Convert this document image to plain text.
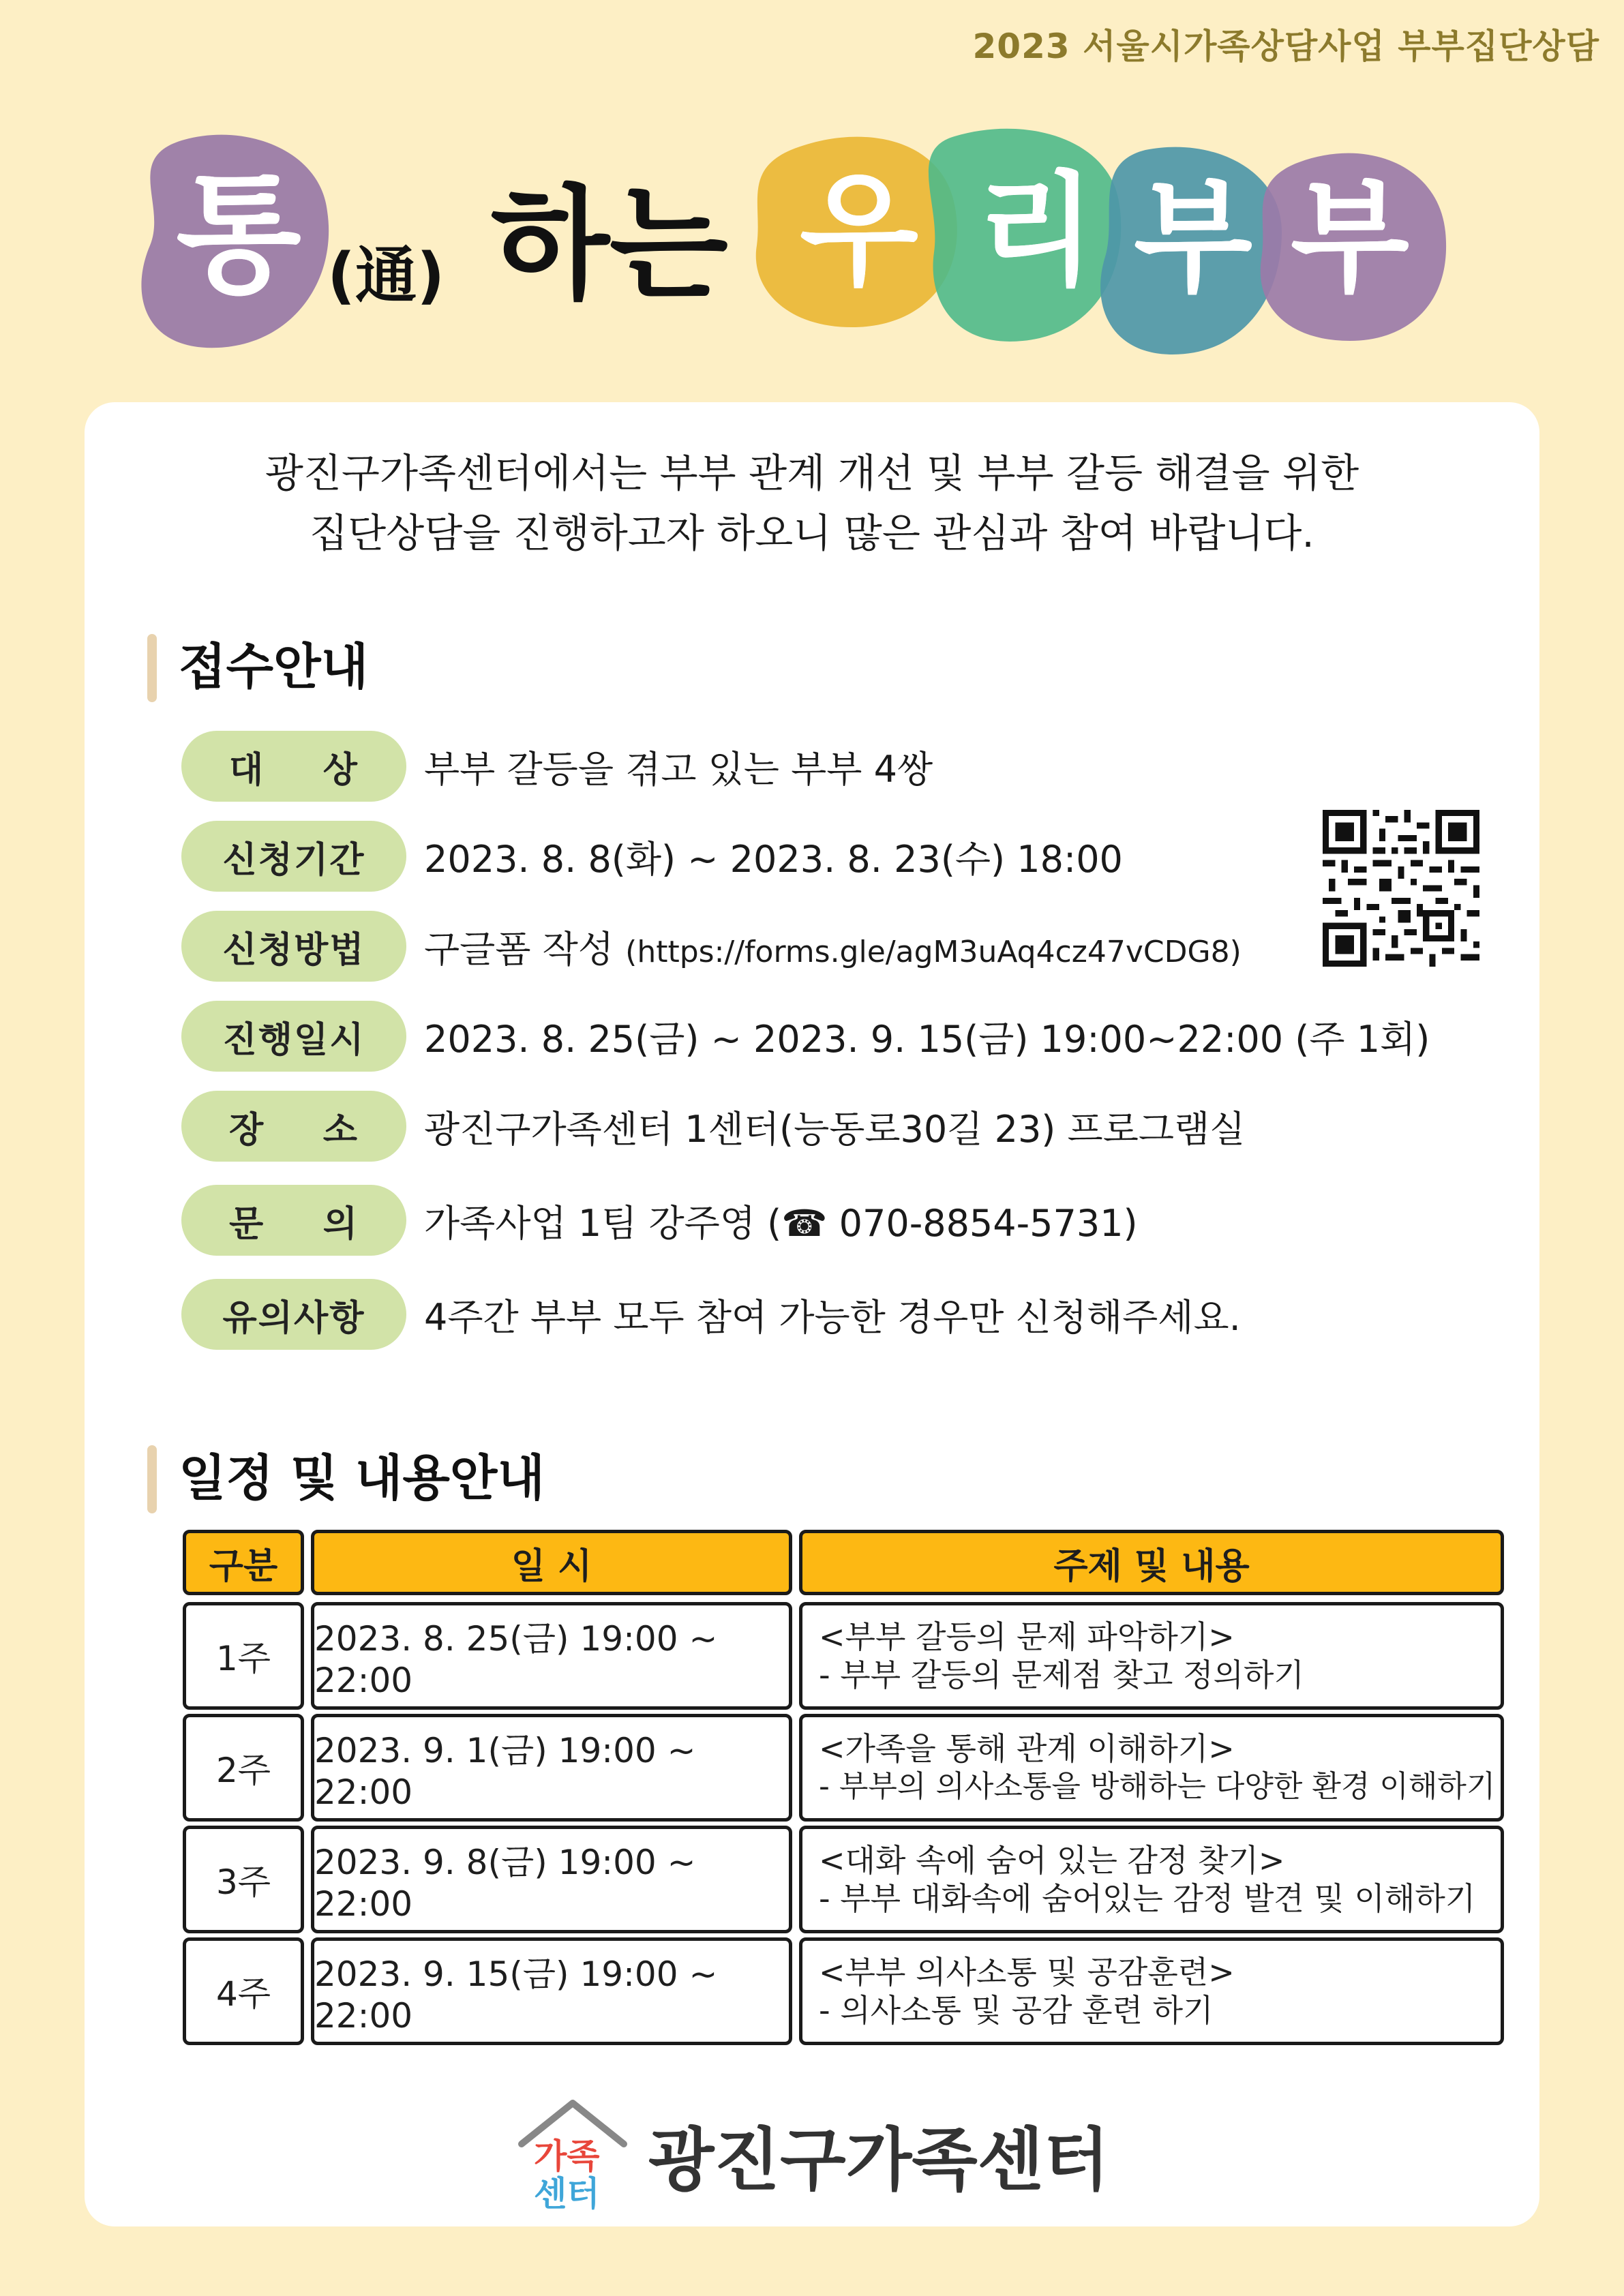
2023 서울시가족상담사업 부부집단상담
통 (通) 하는 우 리 부 부
광진구가족센터에서는 부부 관계 개선 및 부부 갈등 해결을 위한
집단상담을 진행하고자 하오니 많은 관심과 참여 바랍니다.
접수안내
대 상 부부 갈등을 겪고 있는 부부 4쌍
신청기간	2023. 8. 8(화) ~ 2023. 8. 23(수) 18:00
신청방법	구글폼 작성 (https://forms.gle/agM3uAq4cz47vCDG8)
진행일시	2023. 8. 25(금) ~ 2023. 9. 15(금) 19:00~22:00 (주 1회)
장 소 광진구가족센터 1센터(능동로30길 23) 프로그램실
문 의 가족사업 1팀 강주영 (☎ 070-8854-5731)
유의사항	4주간 부부 모두 참여 가능한 경우만 신청해주세요.
일정 및 내용안내
구분	일 시	주제 및 내용
1주	2023. 8. 25(금) 19:00 ~ 22:00
<부부 갈등의 문제 파악하기>
- 부부 갈등의 문제점 찾고 정의하기
2주	2023. 9. 1(금) 19:00 ~ 22:00
<가족을 통해 관계 이해하기>
- 부부의 의사소통을 방해하는 다양한 환경 이해하기
3주	2023. 9. 8(금) 19:00 ~ 22:00
<대화 속에 숨어 있는 감정 찾기>
- 부부 대화속에 숨어있는 감정 발견 및 이해하기
4주	2023. 9. 15(금) 19:00 ~ 22:00
<부부 의사소통 및 공감훈련>
- 의사소통 및 공감 훈련 하기
가족
센터 광진구가족센터
